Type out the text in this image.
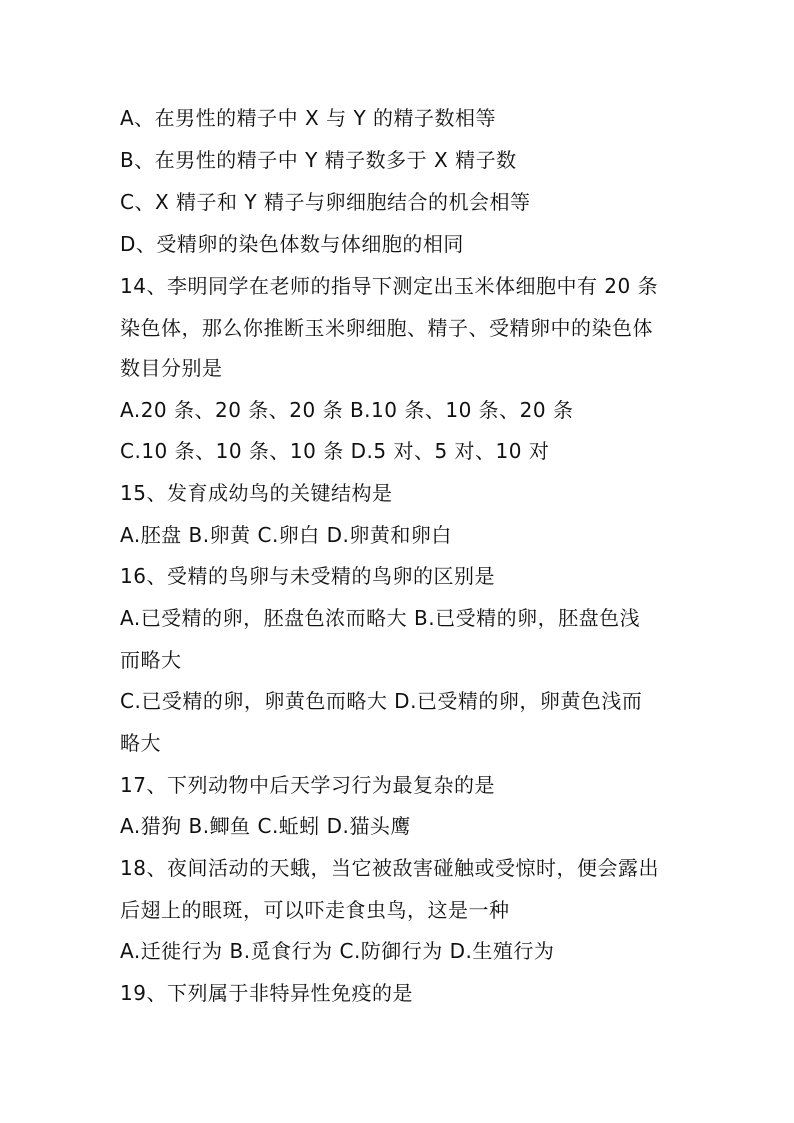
A、在男性的精子中 X 与 Y 的精子数相等
B、在男性的精子中 Y 精子数多于 X 精子数
C、X 精子和 Y 精子与卵细胞结合的机会相等
D、受精卵的染色体数与体细胞的相同
14、李明同学在老师的指导下测定出玉米体细胞中有 20 条
染色体，那么你推断玉米卵细胞、精子、受精卵中的染色体
数目分别是
A.20 条、20 条、20 条 B.10 条、10 条、20 条
C.10 条、10 条、10 条 D.5 对、5 对、10 对
15、发育成幼鸟的关键结构是
A.胚盘 B.卵黄 C.卵白 D.卵黄和卵白
16、受精的鸟卵与未受精的鸟卵的区别是
A.已受精的卵，胚盘色浓而略大 B.已受精的卵，胚盘色浅
而略大
C.已受精的卵，卵黄色而略大 D.已受精的卵，卵黄色浅而
略大
17、下列动物中后天学习行为最复杂的是
A.猎狗 B.鲫鱼 C.蚯蚓 D.猫头鹰
18、夜间活动的天蛾，当它被敌害碰触或受惊时，便会露出
后翅上的眼斑，可以吓走食虫鸟，这是一种
A.迁徙行为 B.觅食行为 C.防御行为 D.生殖行为
19、下列属于非特异性免疫的是
